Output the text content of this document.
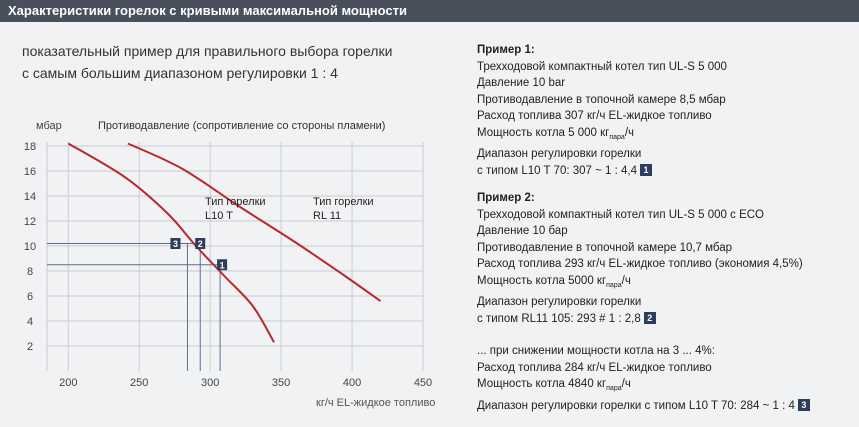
Характеристики горелок с кривыми максимальной мощности
показательный пример для правильного выбора горелки
с самым большим диапазоном регулировки 1 : 4
Пример 1:
Трехходовой компактный котел тип UL-S 5 000
Давление 10 bar
Противодавление в топочной камере 8,5 мбар
Расход топлива 307 кг/ч EL-жидкое топливо
Мощность котла 5 000 $кг_{пара}/ч$
Диапазон регулировки горелки
с типом L10 T 70: 307 ~ 1 : 4,4 1
Пример 2:
Трехходовой компактный котел тип UL-S 5 000 с ECO
Давление 10 бар
Противодавление в топочной камере 10,7 мбар
Расход топлива 293 кг/ч EL-жидкое топливо (экономия 4,5%)
Мощность котла 5000 $кг_{пара}/ч$
Диапазон регулировки горелки
с типом RL11 105: 293 # 1 : 2,8 2
... при снижении мощности котла на 3 ... 4%:
Расход топлива 284 кг/ч EL-жидкое топливо
Мощность котла 4840 $кг_{пара}/ч$
Диапазон регулировки горелки с типом L10 T 70: 284 ~ 1 : 4 3
2
4
6
8
10
12
14
16
18
200	250	300	350	400	450
мбар	Противодавление (сопротивление со стороны пламени)
кг/ч EL-жидкое топливо
Тип горелки
L10 T
Тип горелки
RL 11
1
2
3
